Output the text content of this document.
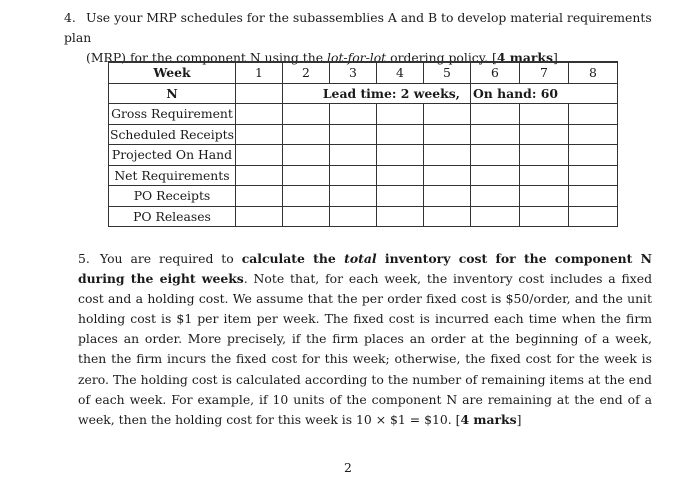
4. Use your MRP schedules for the subassemblies A and B to develop material requirements plan
(MRP) for the component N using the lot-for-lot ordering policy. [4 marks]
Week	1	2	3	4	5	6	7	8
N		Lead time: 2 weeks,				On hand: 60		
Gross Requirement								
Scheduled Receipts								
Projected On Hand								
Net Requirements								
PO Receipts								
PO Releases								
5. You are required to calculate the total inventory cost for the component N during the eight weeks. Note that, for each week, the inventory cost includes a fixed cost and a holding cost. We assume that the per order fixed cost is $50/order, and the unit holding cost is $1 per item per week. The fixed cost is incurred each time when the firm places an order. More precisely, if the firm places an order at the beginning of a week, then the firm incurs the fixed cost for this week; otherwise, the fixed cost for the week is zero. The holding cost is calculated according to the number of remaining items at the end of each week. For example, if 10 units of the component N are remaining at the end of a week, then the holding cost for this week is 10 × $1 = $10. [4 marks]
2
